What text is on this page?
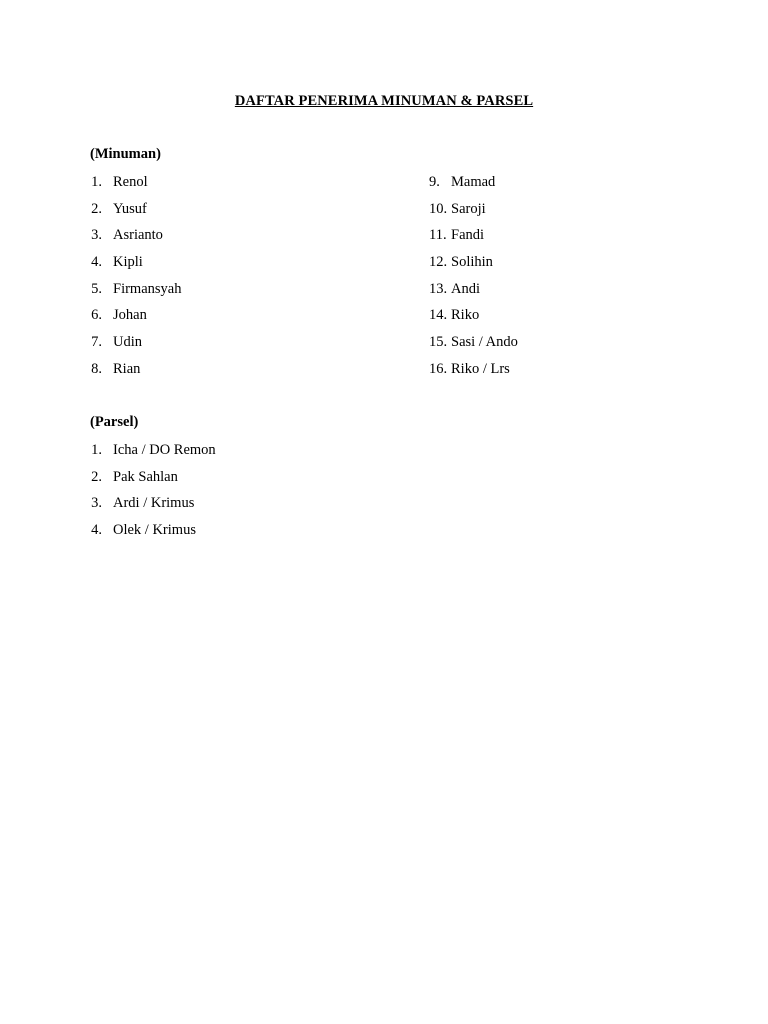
DAFTAR PENERIMA MINUMAN & PARSEL
(Minuman)
1. Renol
2. Yusuf
3. Asrianto
4. Kipli
5. Firmansyah
6. Johan
7. Udin
8. Rian
9. Mamad
10. Saroji
11. Fandi
12. Solihin
13. Andi
14. Riko
15. Sasi / Ando
16. Riko / Lrs
(Parsel)
1. Icha / DO Remon
2. Pak Sahlan
3. Ardi / Krimus
4. Olek / Krimus
